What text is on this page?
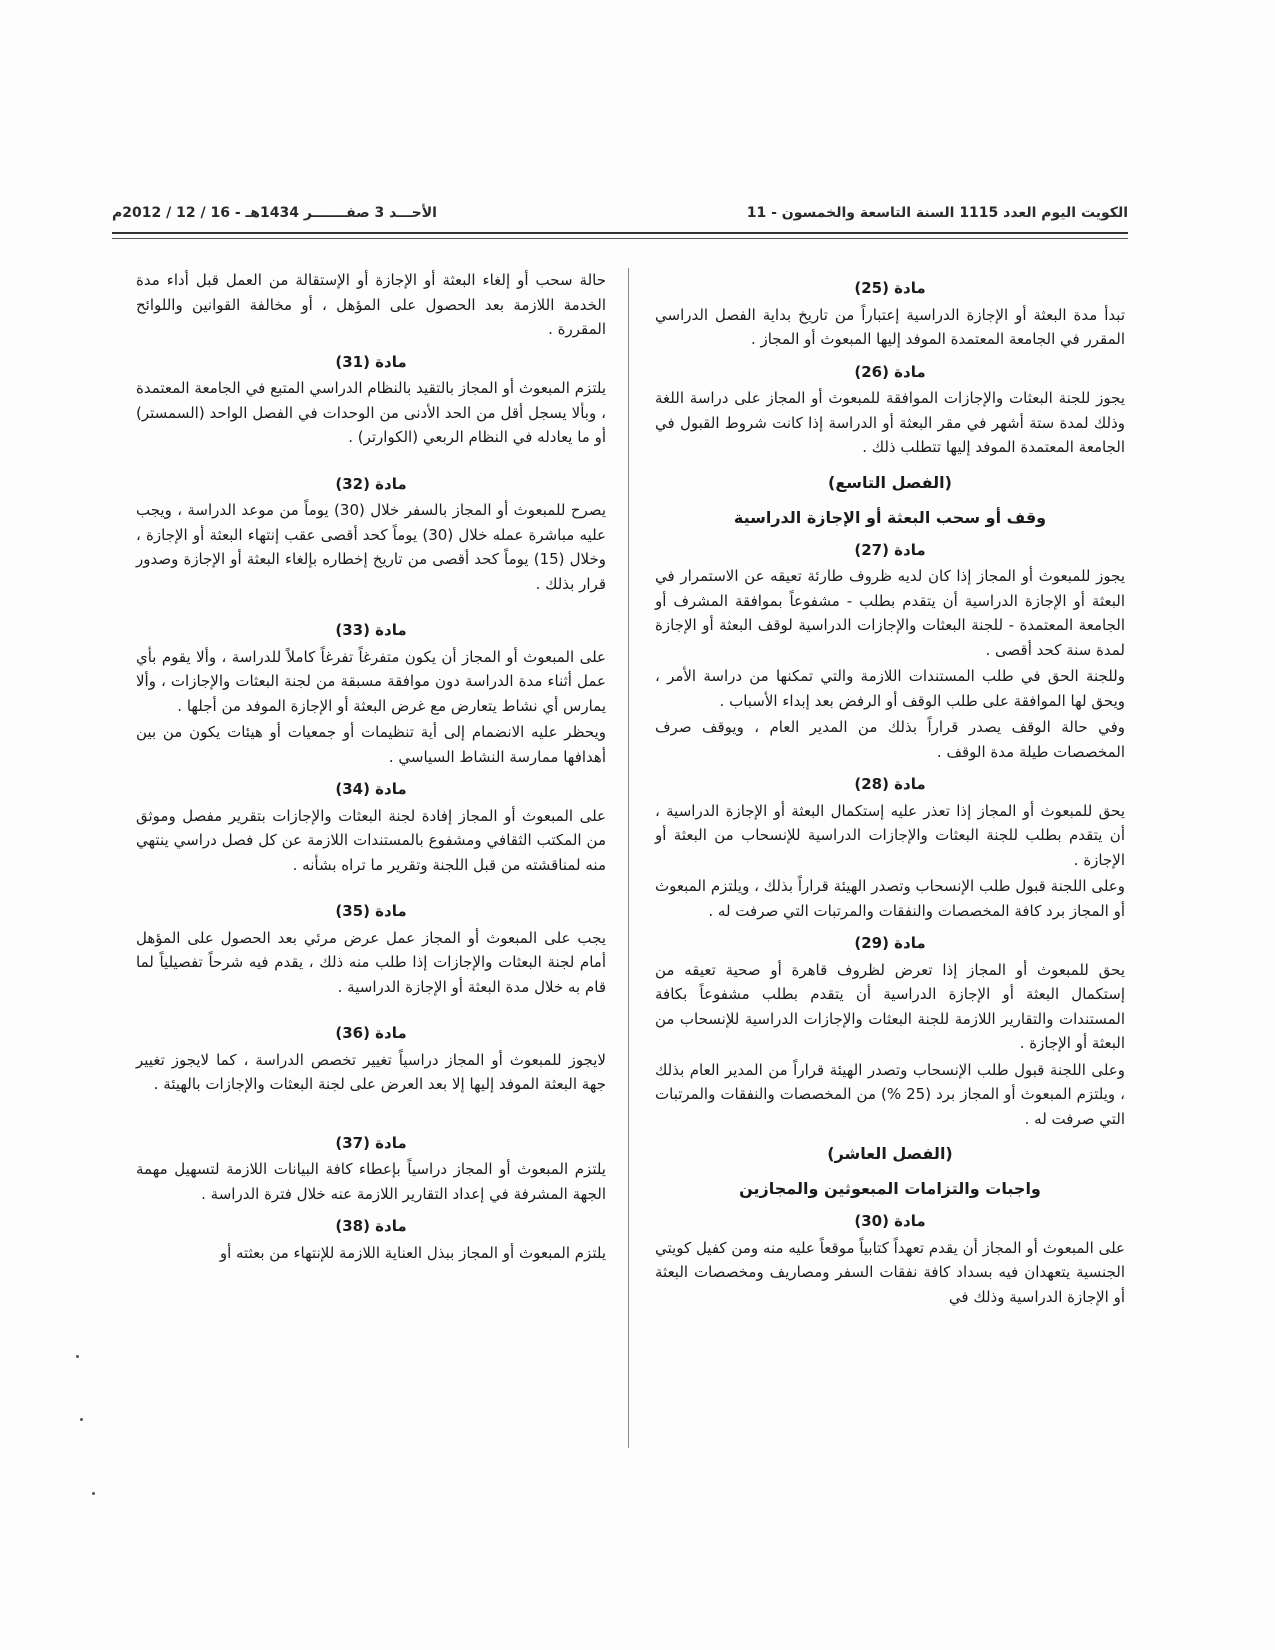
الكويت اليوم العدد 1115 السنة التاسعة والخمسون - 11
الأحـــد 3 صفـــــــر 1434هـ - 16 / 12 / 2012م
مادة (25)

تبدأ مدة البعثة أو الإجازة الدراسية إعتباراً من تاريخ بداية الفصل الدراسي المقرر في الجامعة المعتمدة الموفد إليها المبعوث أو المجاز .

مادة (26)

يجوز للجنة البعثات والإجازات الموافقة للمبعوث أو المجاز على دراسة اللغة وذلك لمدة ستة أشهر في مقر البعثة أو الدراسة إذا كانت شروط القبول في الجامعة المعتمدة الموفد إليها تتطلب ذلك .

(الفصل التاسع)
وقف أو سحب البعثة أو الإجازة الدراسية
مادة (27)

يجوز للمبعوث أو المجاز إذا كان لديه ظروف طارئة تعيقه عن الاستمرار في البعثة أو الإجازة الدراسية أن يتقدم بطلب - مشفوعاً بموافقة المشرف أو الجامعة المعتمدة - للجنة البعثات والإجازات الدراسية لوقف البعثة أو الإجازة لمدة سنة كحد أقصى .

وللجنة الحق في طلب المستندات اللازمة والتي تمكنها من دراسة الأمر ، ويحق لها الموافقة على طلب الوقف أو الرفض بعد إبداء الأسباب .

وفي حالة الوقف يصدر قراراً بذلك من المدير العام ، ويوقف صرف المخصصات طيلة مدة الوقف .

مادة (28)

يحق للمبعوث أو المجاز إذا تعذر عليه إستكمال البعثة أو الإجازة الدراسية ، أن يتقدم بطلب للجنة البعثات والإجازات الدراسية للإنسحاب من البعثة أو الإجازة .

وعلى اللجنة قبول طلب الإنسحاب وتصدر الهيئة قراراً بذلك ، ويلتزم المبعوث أو المجاز برد كافة المخصصات والنفقات والمرتبات التي صرفت له .

مادة (29)

يحق للمبعوث أو المجاز إذا تعرض لظروف قاهرة أو صحية تعيقه من إستكمال البعثة أو الإجازة الدراسية أن يتقدم بطلب مشفوعاً بكافة المستندات والتقارير اللازمة للجنة البعثات والإجازات الدراسية للإنسحاب من البعثة أو الإجازة .

وعلى اللجنة قبول طلب الإنسحاب وتصدر الهيئة قراراً من المدير العام بذلك ، ويلتزم المبعوث أو المجاز برد (25 %) من المخصصات والنفقات والمرتبات التي صرفت له .

(الفصل العاشر)
واجبات والتزامات المبعوثين والمجازين
مادة (30)

على المبعوث أو المجاز أن يقدم تعهداً كتابياً موقعاً عليه منه ومن كفيل كويتي الجنسية يتعهدان فيه بسداد كافة نفقات السفر ومصاريف ومخصصات البعثة أو الإجازة الدراسية وذلك في

حالة سحب أو إلغاء البعثة أو الإجازة أو الإستقالة من العمل قبل أداء مدة الخدمة اللازمة بعد الحصول على المؤهل ، أو مخالفة القوانين واللوائح المقررة .

مادة (31)

يلتزم المبعوث أو المجاز بالتقيد بالنظام الدراسي المتبع في الجامعة المعتمدة ، وبألا يسجل أقل من الحد الأدنى من الوحدات في الفصل الواحد (السمستر) أو ما يعادله في النظام الربعي (الكوارتر) .

مادة (32)

يصرح للمبعوث أو المجاز بالسفر خلال (30) يوماً من موعد الدراسة ، ويجب عليه مباشرة عمله خلال (30) يوماً كحد أقصى عقب إنتهاء البعثة أو الإجازة ، وخلال (15) يوماً كحد أقصى من تاريخ إخطاره بإلغاء البعثة أو الإجازة وصدور قرار بذلك .

مادة (33)

على المبعوث أو المجاز أن يكون متفرغاً تفرغاً كاملاً للدراسة ، وألا يقوم بأي عمل أثناء مدة الدراسة دون موافقة مسبقة من لجنة البعثات والإجازات ، وألا يمارس أي نشاط يتعارض مع غرض البعثة أو الإجازة الموفد من أجلها .

ويحظر عليه الانضمام إلى أية تنظيمات أو جمعيات أو هيئات يكون من بين أهدافها ممارسة النشاط السياسي .

مادة (34)

على المبعوث أو المجاز إفادة لجنة البعثات والإجازات بتقرير مفصل وموثق من المكتب الثقافي ومشفوع بالمستندات اللازمة عن كل فصل دراسي ينتهي منه لمناقشته من قبل اللجنة وتقرير ما تراه بشأنه .

مادة (35)

يجب على المبعوث أو المجاز عمل عرض مرئي بعد الحصول على المؤهل أمام لجنة البعثات والإجازات إذا طلب منه ذلك ، يقدم فيه شرحاً تفصيلياً لما قام به خلال مدة البعثة أو الإجازة الدراسية .

مادة (36)

لايجوز للمبعوث أو المجاز دراسياً تغيير تخصص الدراسة ، كما لايجوز تغيير جهة البعثة الموفد إليها إلا بعد العرض على لجنة البعثات والإجازات بالهيئة .

مادة (37)

يلتزم المبعوث أو المجاز دراسياً بإعطاء كافة البيانات اللازمة لتسهيل مهمة الجهة المشرفة في إعداد التقارير اللازمة عنه خلال فترة الدراسة .

مادة (38)

يلتزم المبعوث أو المجاز ببذل العناية اللازمة للإنتهاء من بعثته أو
